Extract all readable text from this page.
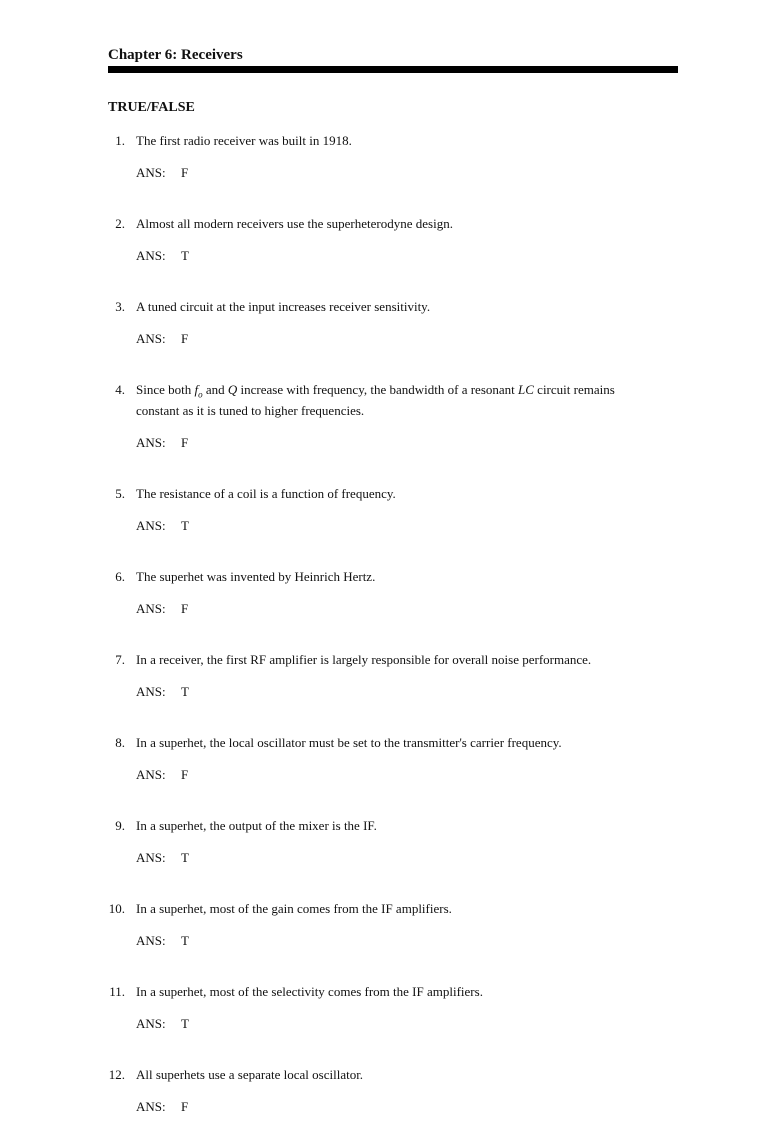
Chapter 6: Receivers
TRUE/FALSE
1. The first radio receiver was built in 1918.
ANS: F
2. Almost all modern receivers use the superheterodyne design.
ANS: T
3. A tuned circuit at the input increases receiver sensitivity.
ANS: F
4. Since both $f_o$ and Q increase with frequency, the bandwidth of a resonant LC circuit remains constant as it is tuned to higher frequencies.
ANS: F
5. The resistance of a coil is a function of frequency.
ANS: T
6. The superhet was invented by Heinrich Hertz.
ANS: F
7. In a receiver, the first RF amplifier is largely responsible for overall noise performance.
ANS: T
8. In a superhet, the local oscillator must be set to the transmitter's carrier frequency.
ANS: F
9. In a superhet, the output of the mixer is the IF.
ANS: T
10. In a superhet, most of the gain comes from the IF amplifiers.
ANS: T
11. In a superhet, most of the selectivity comes from the IF amplifiers.
ANS: T
12. All superhets use a separate local oscillator.
ANS: F
